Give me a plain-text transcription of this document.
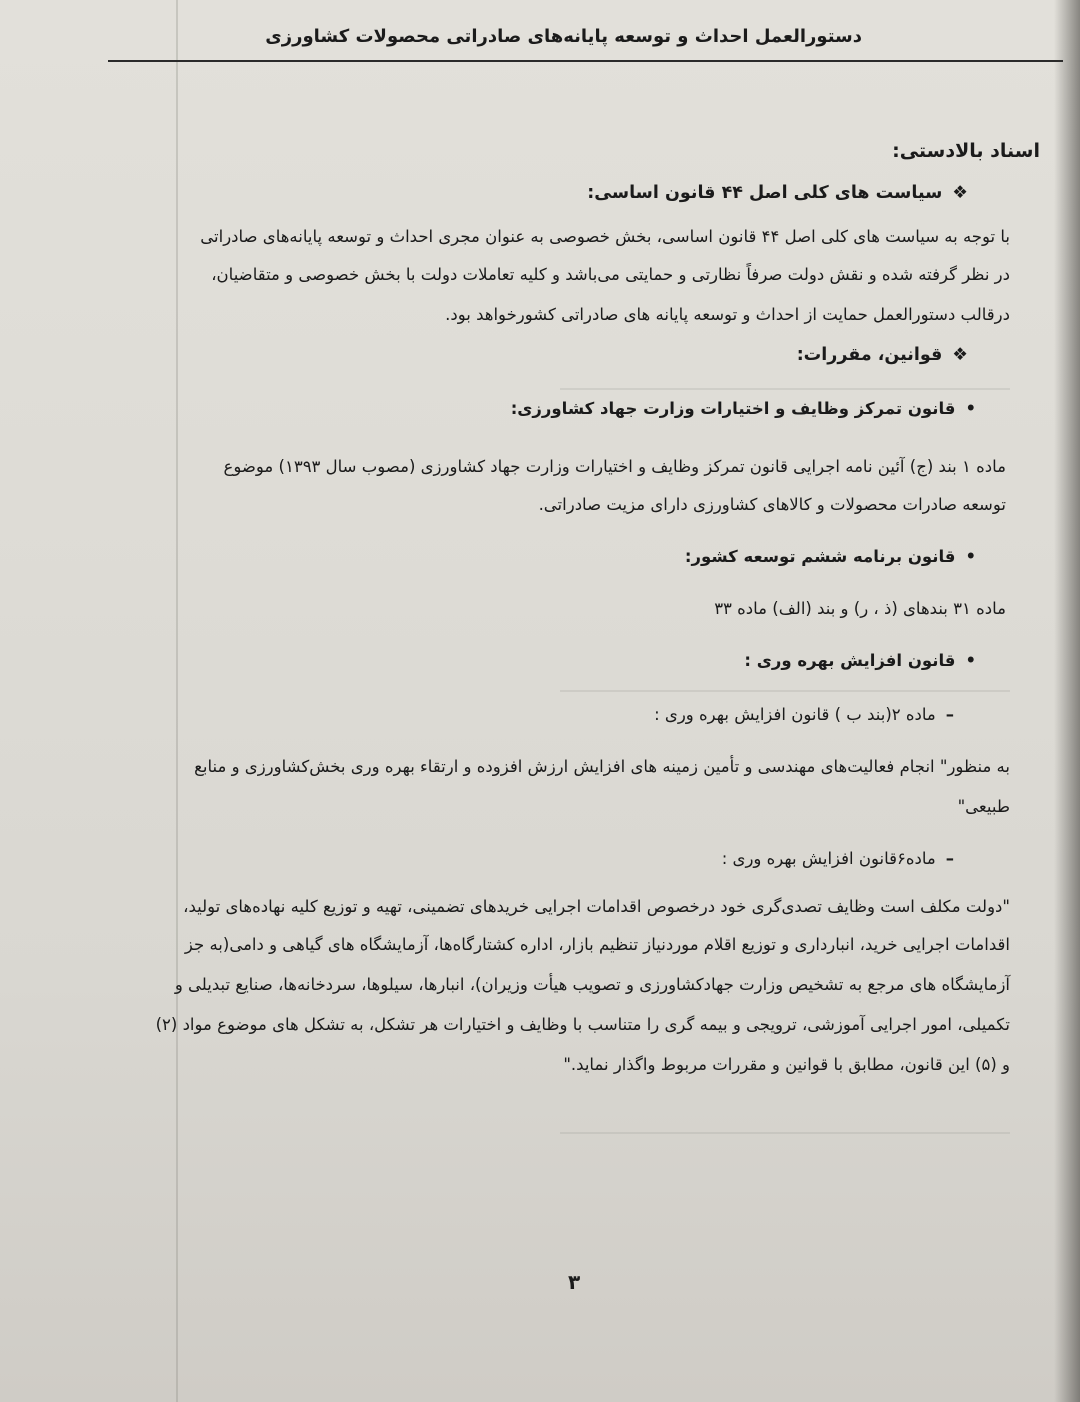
دستورالعمل احداث و توسعه پایانه‌های صادراتی محصولات کشاورزی
اسناد بالادستی:
❖سیاست های کلی اصل ۴۴ قانون اساسی:
با توجه به سیاست های کلی اصل ۴۴ قانون اساسی، بخش خصوصی به عنوان مجری احداث و توسعه پایانه‌های صادراتی
در نظر گرفته شده و نقش دولت صرفاً نظارتی و حمایتی می‌باشد و کلیه تعاملات دولت با بخش خصوصی و متقاضیان،
درقالب دستورالعمل حمایت از احداث و توسعه پایانه های صادراتی کشورخواهد بود.
❖قوانین، مقررات:
•قانون تمرکز وظایف و اختیارات وزارت جهاد کشاورزی:
ماده ۱ بند (ج) آئین نامه اجرایی قانون تمرکز وظایف و اختیارات وزارت جهاد کشاورزی (مصوب سال ۱۳۹۳) موضوع
توسعه صادرات محصولات و کالاهای کشاورزی دارای مزیت صادراتی.
•قانون برنامه ششم توسعه کشور:
ماده ۳۱ بندهای (ذ ، ر) و بند (الف) ماده ۳۳
•قانون افزایش بهره وری :
–ماده ۲(بند ب ) قانون افزایش بهره وری :
به منظور" انجام فعالیت‌های مهندسی و تأمین زمینه های افزایش ارزش افزوده و ارتقاء بهره وری بخش‌کشاورزی و منابع
طبیعی"
–ماده۶قانون افزایش بهره وری :
"دولت مکلف است وظایف تصدی‌گری خود درخصوص اقدامات اجرایی خریدهای تضمینی، تهیه و توزیع کلیه نهاده‌های تولید،
اقدامات اجرایی خرید، انبارداری و توزیع اقلام موردنیاز تنظیم بازار، اداره کشتارگاه‌ها، آزمایشگاه های گیاهی و دامی(به جز
آزمایشگاه های مرجع به تشخیص وزارت جهادکشاورزی و تصویب هیأت وزیران)، انبارها، سیلوها، سردخانه‌ها، صنایع تبدیلی و
تکمیلی، امور اجرایی آموزشی، ترویجی و بیمه گری را متناسب با وظایف و اختیارات هر تشکل، به تشکل های موضوع مواد (۲)
و (۵) این قانون، مطابق با قوانین و مقررات مربوط واگذار نماید."
۳
